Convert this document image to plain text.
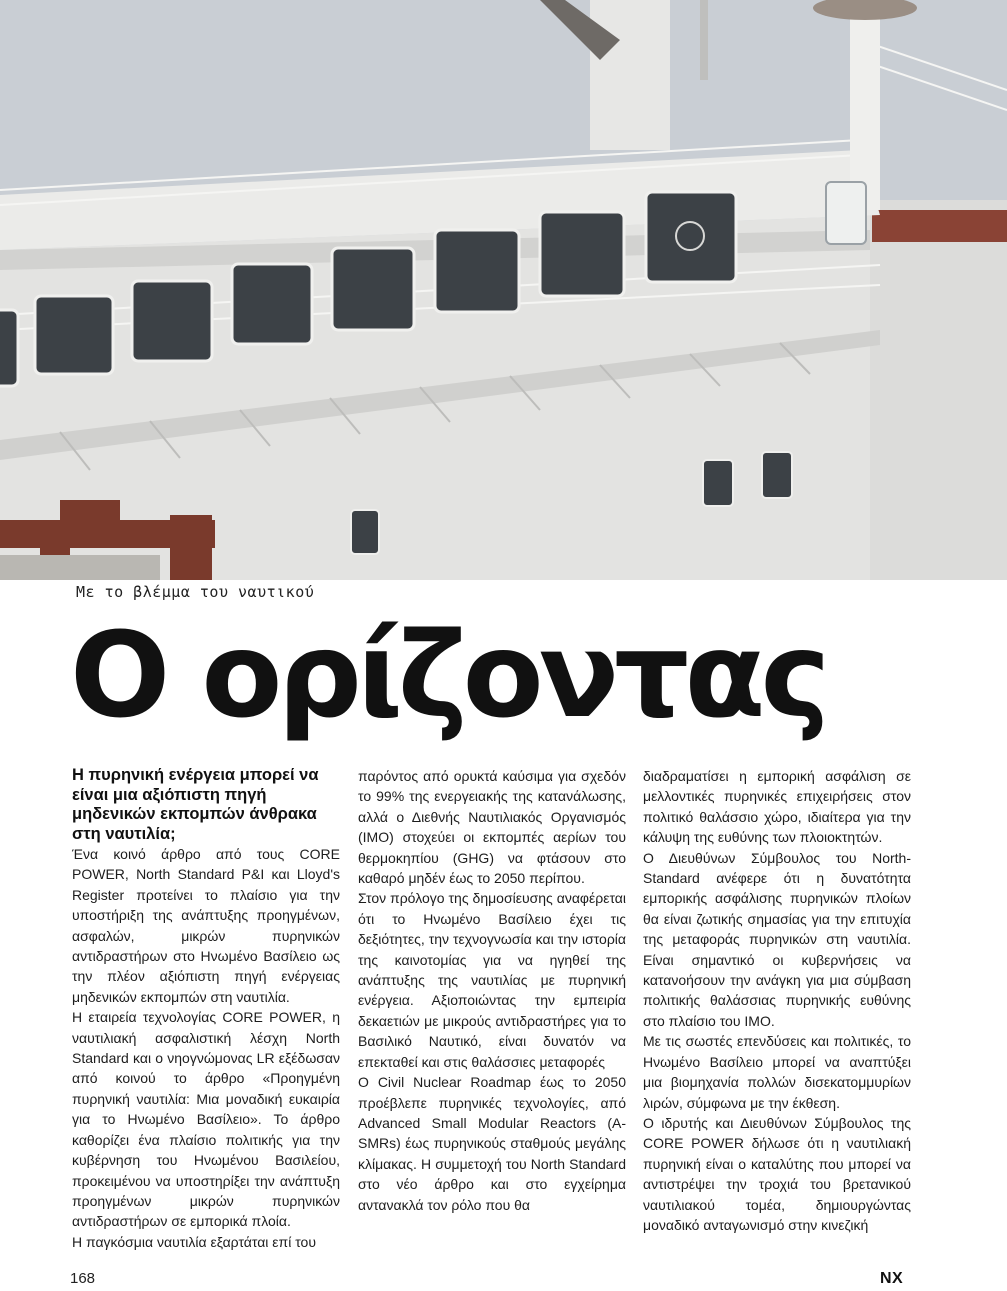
Με το βλέμμα του ναυτικού
Ο ορίζοντας

Η πυρηνική ενέργεια μπορεί να είναι μια αξιόπιστη πηγή μηδενικών εκπομπών άνθρακα στη ναυτιλία;

Ένα κοινό άρθρο από τους CORE POWER, North Standard P&I και Lloyd's Register προτείνει το πλαίσιο για την υποστήριξη της ανάπτυξης προηγμένων, ασφαλών, μικρών πυρηνικών αντιδραστήρων στο Ηνωμένο Βασίλειο ως την πλέον αξιόπιστη πηγή ενέργειας μηδενικών εκπομπών στη ναυτιλία.

Η εταιρεία τεχνολογίας CORE POWER, η ναυτιλιακή ασφαλιστική λέσχη North Standard και ο νηογνώμονας LR εξέδωσαν από κοινού το άρθρο «Προηγμένη πυρηνική ναυτιλία: Μια μοναδική ευκαιρία για το Ηνωμένο Βασίλειο». Το άρθρο καθορίζει ένα πλαίσιο πολιτικής για την κυβέρνηση του Ηνωμένου Βασιλείου, προκειμένου να υποστηρίξει την ανάπτυξη προηγμένων μικρών πυρηνικών αντιδραστήρων σε εμπορικά πλοία.

Η παγκόσμια ναυτιλία εξαρτάται επί του

παρόντος από ορυκτά καύσιμα για σχεδόν το 99% της ενεργειακής της κατανάλωσης, αλλά ο Διεθνής Ναυτιλιακός Οργανισμός (IMO) στοχεύει οι εκπομπές αερίων του θερμοκηπίου (GHG) να φτάσουν στο καθαρό μηδέν έως το 2050 περίπου.

Στον πρόλογο της δημοσίευσης αναφέρεται ότι το Ηνωμένο Βασίλειο έχει τις δεξιότητες, την τεχνογνωσία και την ιστορία της καινοτομίας για να ηγηθεί της ανάπτυξης της ναυτιλίας με πυρηνική ενέργεια. Αξιοποιώντας την εμπειρία δεκαετιών με μικρούς αντιδραστήρες για το Βασιλικό Ναυτικό, είναι δυνατόν να επεκταθεί και στις θαλάσσιες μεταφορές

Ο Civil Nuclear Roadmap έως το 2050 προέβλεπε πυρηνικές τεχνολογίες, από Advanced Small Modular Reactors (A-SMRs) έως πυρηνικούς σταθμούς μεγάλης κλίμακας. Η συμμετοχή του North Standard στο νέο άρθρο και στο εγχείρημα αντανακλά τον ρόλο που θα

διαδραματίσει η εμπορική ασφάλιση σε μελλοντικές πυρηνικές επιχειρήσεις στον πολιτικό θαλάσσιο χώρο, ιδιαίτερα για την κάλυψη της ευθύνης των πλοιοκτητών.

Ο Διευθύνων Σύμβουλος του North-Standard ανέφερε ότι η δυνατότητα εμπορικής ασφάλισης πυρηνικών πλοίων θα είναι ζωτικής σημασίας για την επιτυχία της μεταφοράς πυρηνικών στη ναυτιλία. Είναι σημαντικό οι κυβερνήσεις να κατανοήσουν την ανάγκη για μια σύμβαση πολιτικής θαλάσσιας πυρηνικής ευθύνης στο πλαίσιο του IMO.

Με τις σωστές επενδύσεις και πολιτικές, το Ηνωμένο Βασίλειο μπορεί να αναπτύξει μια βιομηχανία πολλών δισεκατομμυρίων λιρών, σύμφωνα με την έκθεση.

Ο ιδρυτής και Διευθύνων Σύμβουλος της CORE POWER δήλωσε ότι η ναυτιλιακή πυρηνική είναι ο καταλύτης που μπορεί να αντιστρέψει την τροχιά του βρετανικού ναυτιλιακού τομέα, δημιουργώντας μοναδικό ανταγωνισμό στην κινεζική

168	NX
